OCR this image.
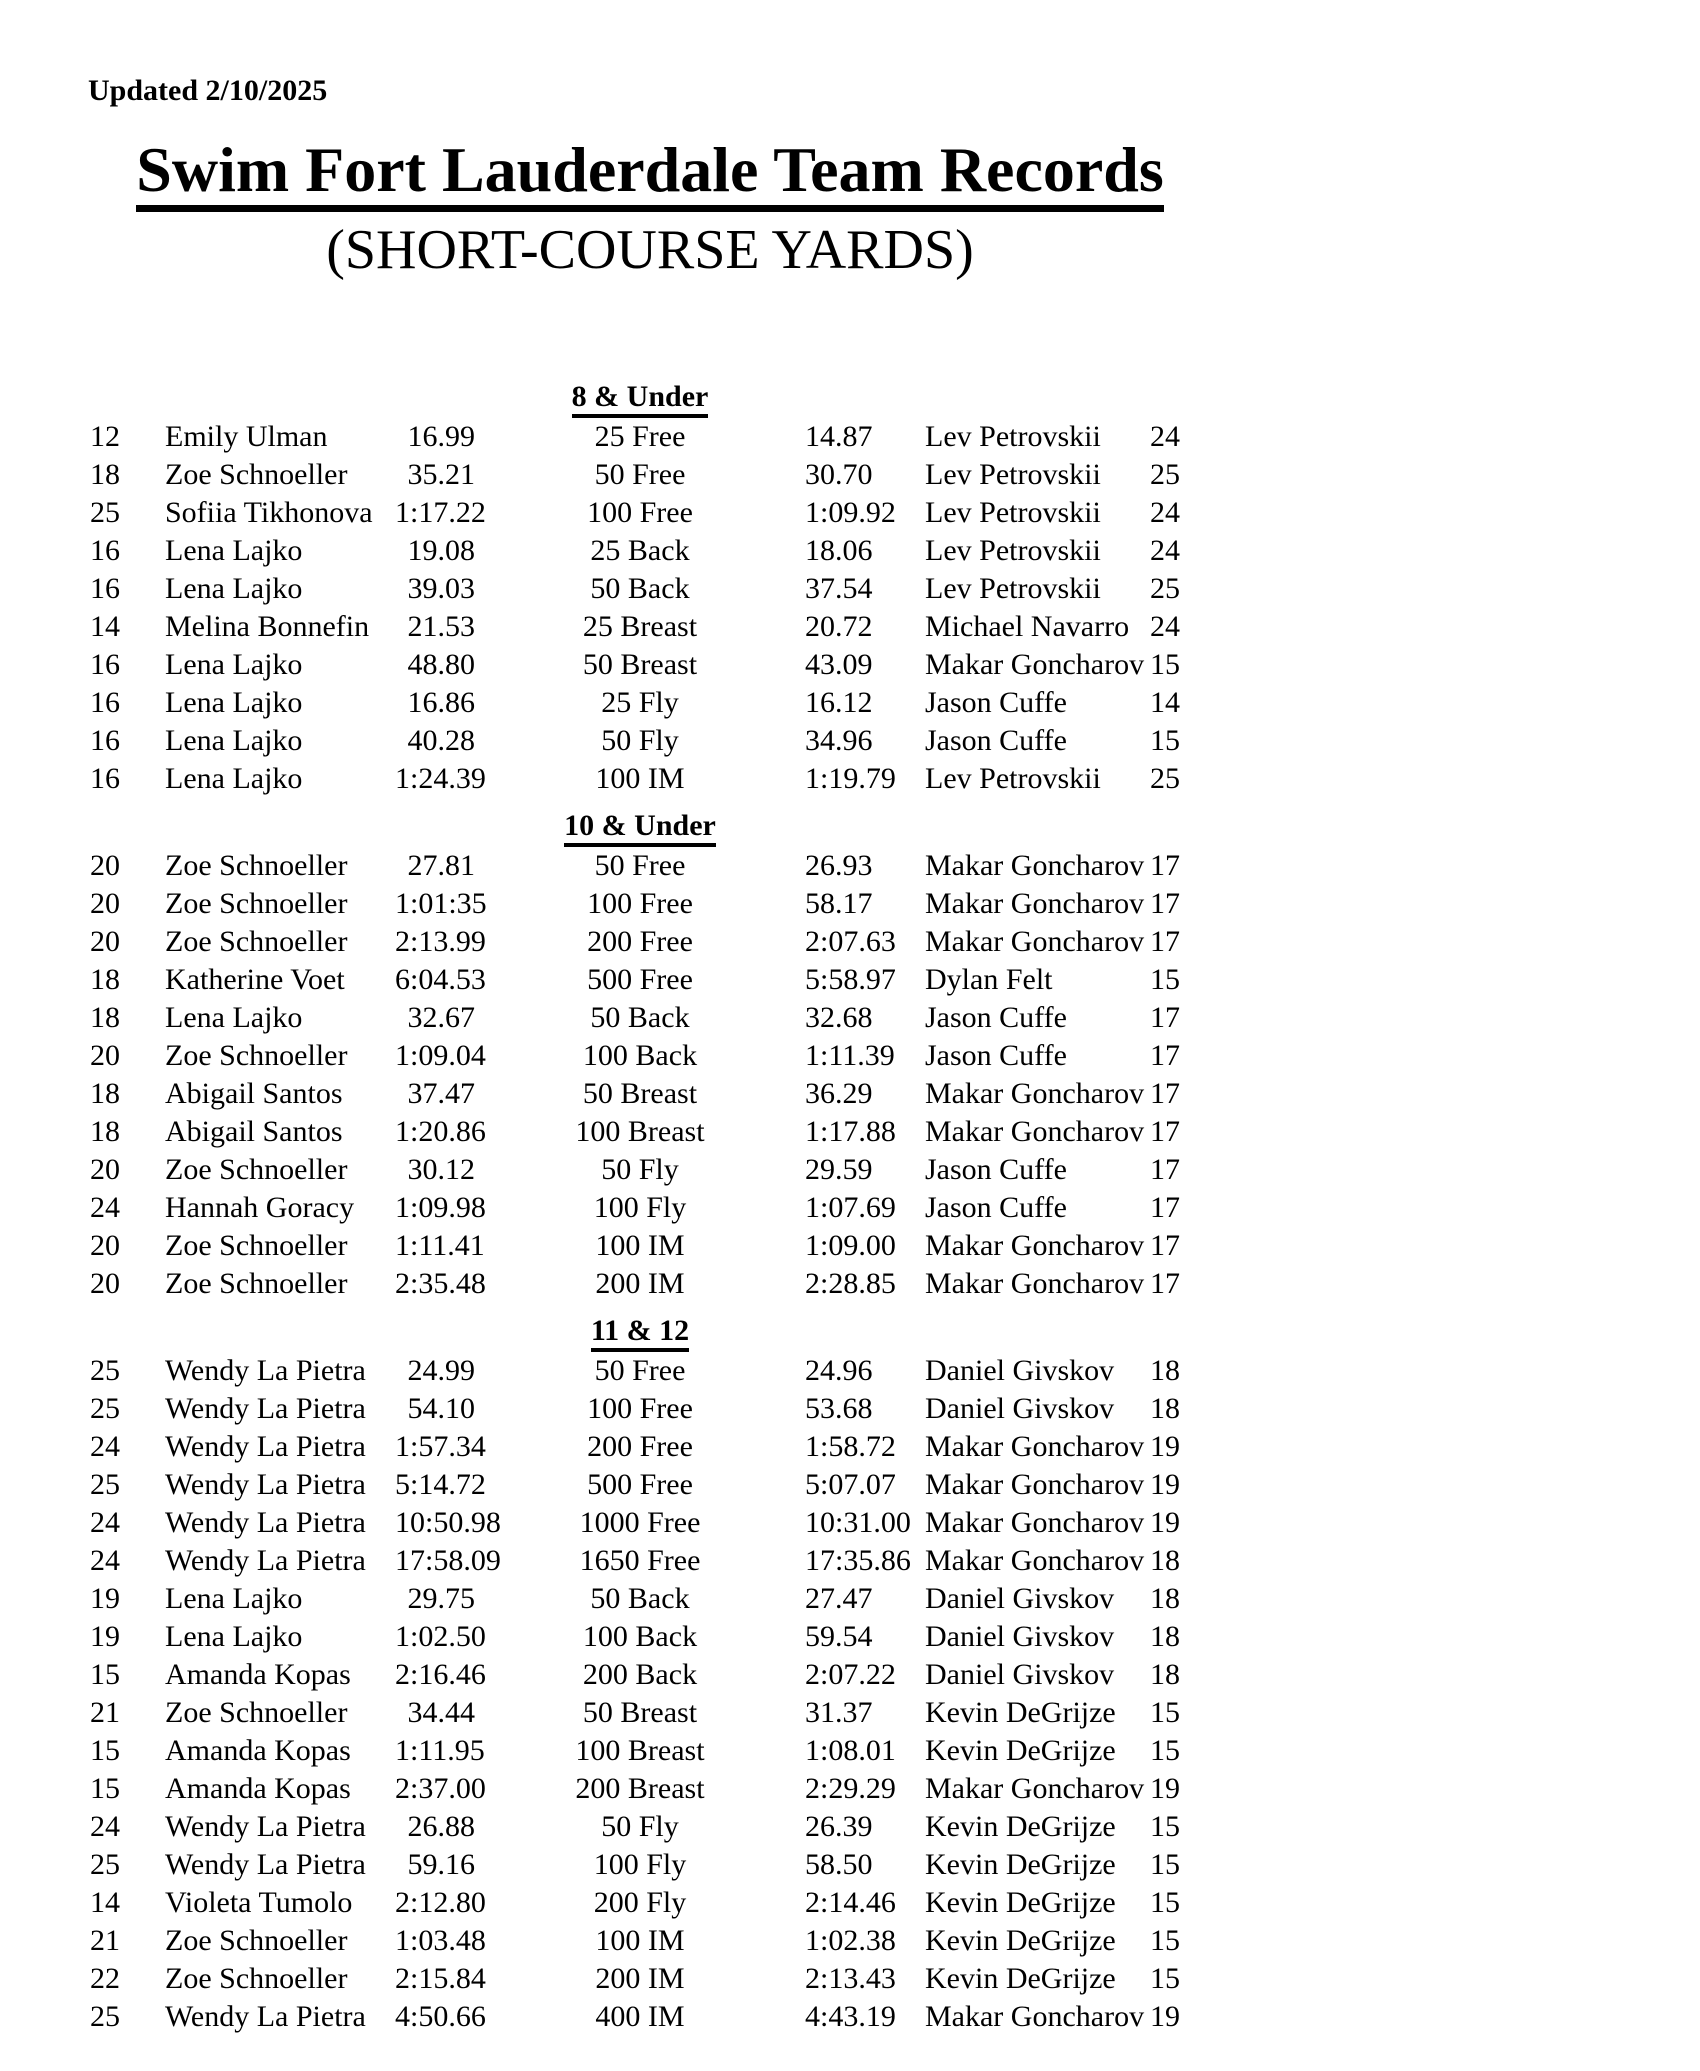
Updated 2/10/2025
Swim Fort Lauderdale Team Records
(SHORT-COURSE YARDS)
8 & Under
12	Emily Ulman	16.99	25 Free	14.87	Lev Petrovskii	24
18	Zoe Schnoeller	35.21	50 Free	30.70	Lev Petrovskii	25
25	Sofiia Tikhonova 1:17.22	100 Free	1:09.92 Lev Petrovskii	24
16	Lena Lajko	19.08	25 Back	18.06	Lev Petrovskii	24
16	Lena Lajko	39.03	50 Back	37.54	Lev Petrovskii	25
14	Melina Bonnefin	21.53	25 Breast	20.72	Michael Navarro 24
16	Lena Lajko	48.80	50 Breast	43.09	Makar Goncharov 15
16	Lena Lajko	16.86	25 Fly	16.12	Jason Cuffe	14
16	Lena Lajko	40.28	50 Fly	34.96	Jason Cuffe	15
16	Lena Lajko	1:24.39	100 IM	1:19.79 Lev Petrovskii	25
10 & Under
20	Zoe Schnoeller	27.81	50 Free	26.93	Makar Goncharov 17
20	Zoe Schnoeller	1:01:35	100 Free	58.17	Makar Goncharov 17
20	Zoe Schnoeller	2:13.99	200 Free	2:07.63 Makar Goncharov 17
18	Katherine Voet	6:04.53	500 Free	5:58.97 Dylan Felt	15
18	Lena Lajko	32.67	50 Back	32.68	Jason Cuffe	17
20	Zoe Schnoeller	1:09.04	100 Back	1:11.39	Jason Cuffe	17
18	Abigail Santos	37.47	50 Breast	36.29	Makar Goncharov 17
18	Abigail Santos	1:20.86	100 Breast	1:17.88 Makar Goncharov 17
20	Zoe Schnoeller	30.12	50 Fly	29.59	Jason Cuffe	17
24	Hannah Goracy	1:09.98	100 Fly	1:07.69 Jason Cuffe	17
20	Zoe Schnoeller	1:11.41	100 IM	1:09.00 Makar Goncharov 17
20	Zoe Schnoeller	2:35.48	200 IM	2:28.85 Makar Goncharov 17
11 & 12
25	Wendy La Pietra	24.99	50 Free	24.96	Daniel Givskov	18
25	Wendy La Pietra	54.10	100 Free	53.68	Daniel Givskov	18
24	Wendy La Pietra 1:57.34	200 Free	1:58.72 Makar Goncharov 19
25	Wendy La Pietra 5:14.72	500 Free	5:07.07 Makar Goncharov 19
24	Wendy La Pietra 10:50.98	1000 Free	10:31.00 Makar Goncharov 19
24	Wendy La Pietra 17:58.09	1650 Free	17:35.86 Makar Goncharov 18
19	Lena Lajko	29.75	50 Back	27.47	Daniel Givskov	18
19	Lena Lajko	1:02.50	100 Back	59.54	Daniel Givskov	18
15	Amanda Kopas	2:16.46	200 Back	2:07.22 Daniel Givskov	18
21	Zoe Schnoeller	34.44	50 Breast	31.37	Kevin DeGrijze	15
15	Amanda Kopas	1:11.95	100 Breast	1:08.01 Kevin DeGrijze	15
15	Amanda Kopas	2:37.00	200 Breast	2:29.29 Makar Goncharov 19
24	Wendy La Pietra	26.88	50 Fly	26.39	Kevin DeGrijze	15
25	Wendy La Pietra	59.16	100 Fly	58.50	Kevin DeGrijze	15
14	Violeta Tumolo	2:12.80	200 Fly	2:14.46 Kevin DeGrijze	15
21	Zoe Schnoeller	1:03.48	100 IM	1:02.38 Kevin DeGrijze	15
22	Zoe Schnoeller	2:15.84	200 IM	2:13.43 Kevin DeGrijze	15
25	Wendy La Pietra 4:50.66	400 IM	4:43.19 Makar Goncharov 19
